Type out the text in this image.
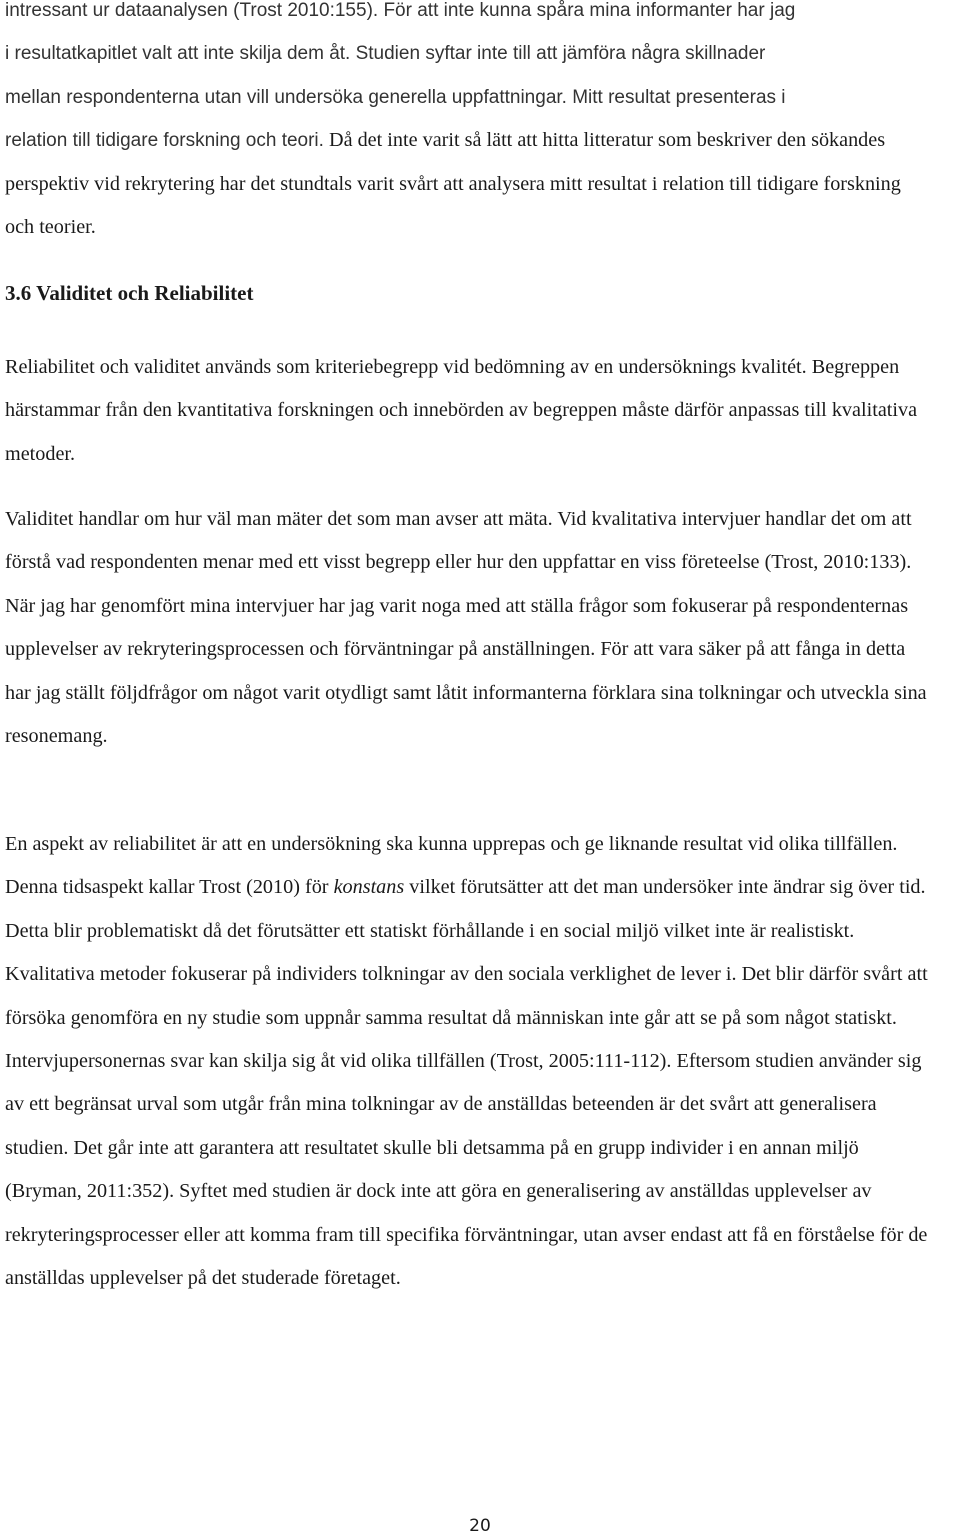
intressant ur dataanalysen (Trost 2010:155). För att inte kunna spåra mina informanter har jag
i resultatkapitlet valt att inte skilja dem åt. Studien syftar inte till att jämföra några skillnader
mellan respondenterna utan vill undersöka generella uppfattningar. Mitt resultat presenteras i
relation till tidigare forskning och teori. Då det inte varit så lätt att hitta litteratur som beskriver den sökandes perspektiv vid rekrytering har det stundtals varit svårt att analysera mitt resultat i relation till tidigare forskning och teorier.

3.6 Validitet och Reliabilitet

Reliabilitet och validitet används som kriteriebegrepp vid bedömning av en undersöknings kvalitét. Begreppen härstammar från den kvantitativa forskningen och innebörden av begreppen måste därför anpassas till kvalitativa metoder.

Validitet handlar om hur väl man mäter det som man avser att mäta. Vid kvalitativa intervjuer handlar det om att förstå vad respondenten menar med ett visst begrepp eller hur den uppfattar en viss företeelse (Trost, 2010:133). När jag har genomfört mina intervjuer har jag varit noga med att ställa frågor som fokuserar på respondenternas upplevelser av rekryteringsprocessen och förväntningar på anställningen. För att vara säker på att fånga in detta har jag ställt följdfrågor om något varit otydligt samt låtit informanterna förklara sina tolkningar och utveckla sina resonemang.

En aspekt av reliabilitet är att en undersökning ska kunna upprepas och ge liknande resultat vid olika tillfällen. Denna tidsaspekt kallar Trost (2010) för konstans vilket förutsätter att det man undersöker inte ändrar sig över tid. Detta blir problematiskt då det förutsätter ett statiskt förhållande i en social miljö vilket inte är realistiskt. Kvalitativa metoder fokuserar på individers tolkningar av den sociala verklighet de lever i. Det blir därför svårt att försöka genomföra en ny studie som uppnår samma resultat då människan inte går att se på som något statiskt. Intervjupersonernas svar kan skilja sig åt vid olika tillfällen (Trost, 2005:111-112). Eftersom studien använder sig av ett begränsat urval som utgår från mina tolkningar av de anställdas beteenden är det svårt att generalisera studien. Det går inte att garantera att resultatet skulle bli detsamma på en grupp individer i en annan miljö (Bryman, 2011:352). Syftet med studien är dock inte att göra en generalisering av anställdas upplevelser av rekryteringsprocesser eller att komma fram till specifika förväntningar, utan avser endast att få en förståelse för de anställdas upplevelser på det studerade företaget.

20
